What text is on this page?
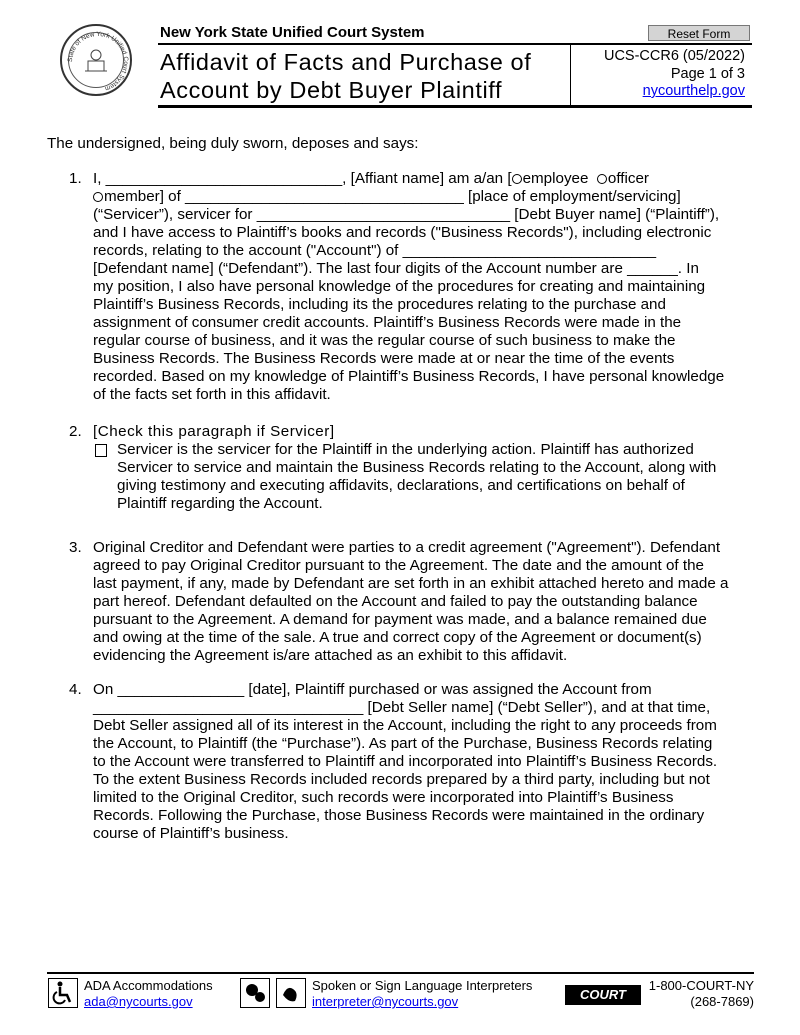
State of New York Unified Court System
New York State Unified Court System	Reset Form
Affidavit of Facts and Purchase of
Account by Debt Buyer Plaintiff
UCS-CCR6 (05/2022)
Page 1 of 3
nycourthelp.gov
The undersigned, being duly sworn, deposes and says:
1. I, ____________________________, [Affiant name] am a/an [ employee officer
member] of _________________________________ [place of employment/servicing]
(“Servicer”), servicer for ______________________________ [Debt Buyer name] (“Plaintiff”),
and I have access to Plaintiff’s books and records ("Business Records"), including electronic
records, relating to the account ("Account") of ______________________________
[Defendant name] (“Defendant”). The last four digits of the Account number are ______. In
my position, I also have personal knowledge of the procedures for creating and maintaining
Plaintiff’s Business Records, including its the procedures relating to the purchase and
assignment of consumer credit accounts. Plaintiff’s Business Records were made in the
regular course of business, and it was the regular course of such business to make the
Business Records. The Business Records were made at or near the time of the events
recorded. Based on my knowledge of Plaintiff’s Business Records, I have personal knowledge
of the facts set forth in this affidavit.
2. [Check this paragraph if Servicer]
Servicer is the servicer for the Plaintiff in the underlying action. Plaintiff has authorized
Servicer to service and maintain the Business Records relating to the Account, along with
giving testimony and executing affidavits, declarations, and certifications on behalf of
Plaintiff regarding the Account.
3. Original Creditor and Defendant were parties to a credit agreement ("Agreement"). Defendant
agreed to pay Original Creditor pursuant to the Agreement. The date and the amount of the
last payment, if any, made by Defendant are set forth in an exhibit attached hereto and made a
part hereof. Defendant defaulted on the Account and failed to pay the outstanding balance
pursuant to the Agreement. A demand for payment was made, and a balance remained due
and owing at the time of the sale. A true and correct copy of the Agreement or document(s)
evidencing the Agreement is/are attached as an exhibit to this affidavit.
4. On _______________ [date], Plaintiff purchased or was assigned the Account from
________________________________ [Debt Seller name] (“Debt Seller”), and at that time,
Debt Seller assigned all of its interest in the Account, including the right to any proceeds from
the Account, to Plaintiff (the “Purchase”). As part of the Purchase, Business Records relating
to the Account were transferred to Plaintiff and incorporated into Plaintiff’s Business Records.
To the extent Business Records included records prepared by a third party, including but not
limited to the Original Creditor, such records were incorporated into Plaintiff’s Business
Records. Following the Purchase, those Business Records were maintained in the ordinary
course of Plaintiff’s business.
ADA Accommodations
ada@nycourts.gov
Spoken or Sign Language Interpreters
interpreter@nycourts.gov	COURT Help
1-800-COURT-NY
(268-7869)
